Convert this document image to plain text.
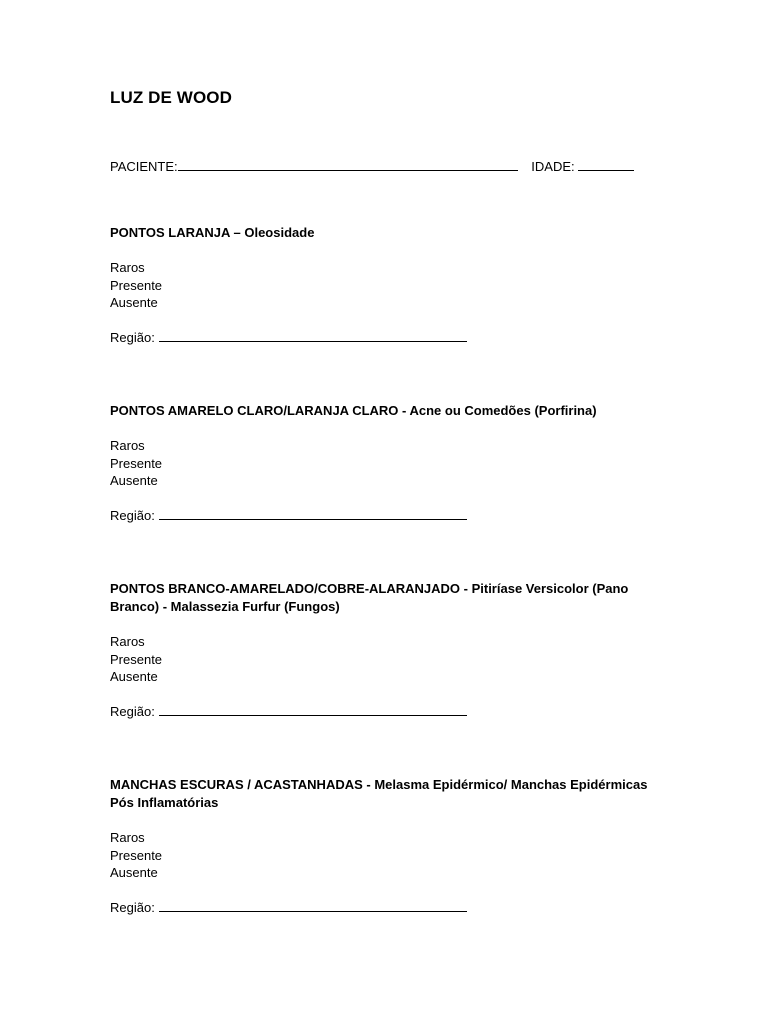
LUZ DE WOOD
PACIENTE:	IDADE:
PONTOS LARANJA – Oleosidade
Raros
Presente
Ausente
Região:
PONTOS AMARELO CLARO/LARANJA CLARO - Acne ou Comedões (Porfirina)
Raros
Presente
Ausente
Região:
PONTOS BRANCO-AMARELADO/COBRE-ALARANJADO - Pitiríase Versicolor (Pano Branco) - Malassezia Furfur (Fungos)
Raros
Presente
Ausente
Região:
MANCHAS ESCURAS / ACASTANHADAS - Melasma Epidérmico/ Manchas Epidérmicas Pós Inflamatórias
Raros
Presente
Ausente
Região:
